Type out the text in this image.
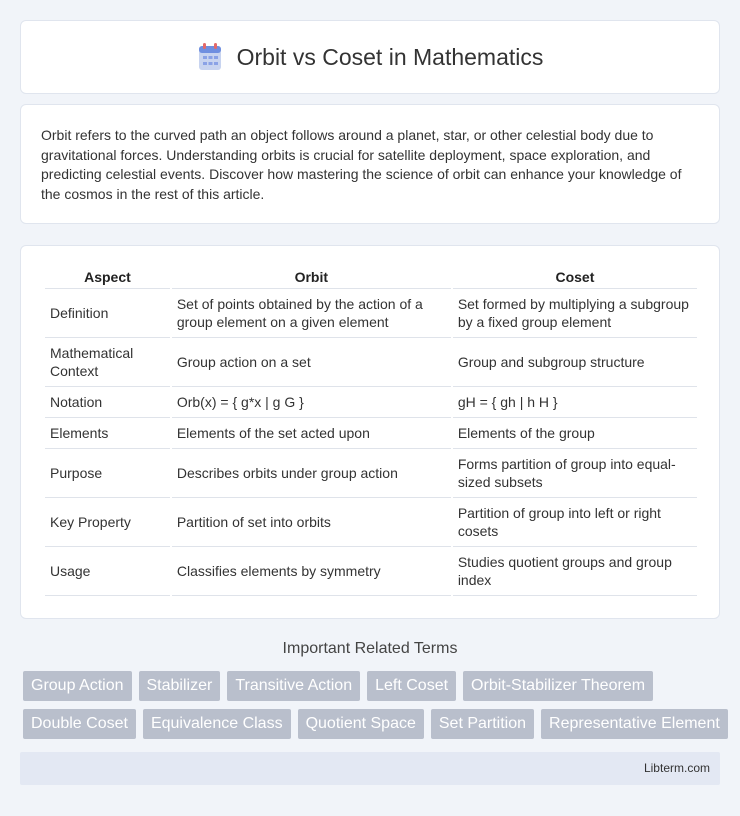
Orbit vs Coset in Mathematics

Orbit refers to the curved path an object follows around a planet, star, or other celestial body due to gravitational forces. Understanding orbits is crucial for satellite deployment, space exploration, and predicting celestial events. Discover how mastering the science of orbit can enhance your knowledge of the cosmos in the rest of this article.

Aspect	Orbit	Coset
Definition	Set of points obtained by the action of a group element on a given element	Set formed by multiplying a subgroup by a fixed group element
Mathematical Context	Group action on a set	Group and subgroup structure
Notation	Orb(x) = { g*x | g G }	gH = { gh | h H }
Elements	Elements of the set acted upon	Elements of the group
Purpose	Describes orbits under group action	Forms partition of group into equal-sized subsets
Key Property	Partition of set into orbits	Partition of group into left or right cosets
Usage	Classifies elements by symmetry	Studies quotient groups and group index
Important Related Terms
Group Action	Stabilizer	Transitive Action	Left Coset	Orbit-Stabilizer Theorem
Double Coset	Equivalence Class	Quotient Space	Set Partition	Representative Element
Libterm.com
